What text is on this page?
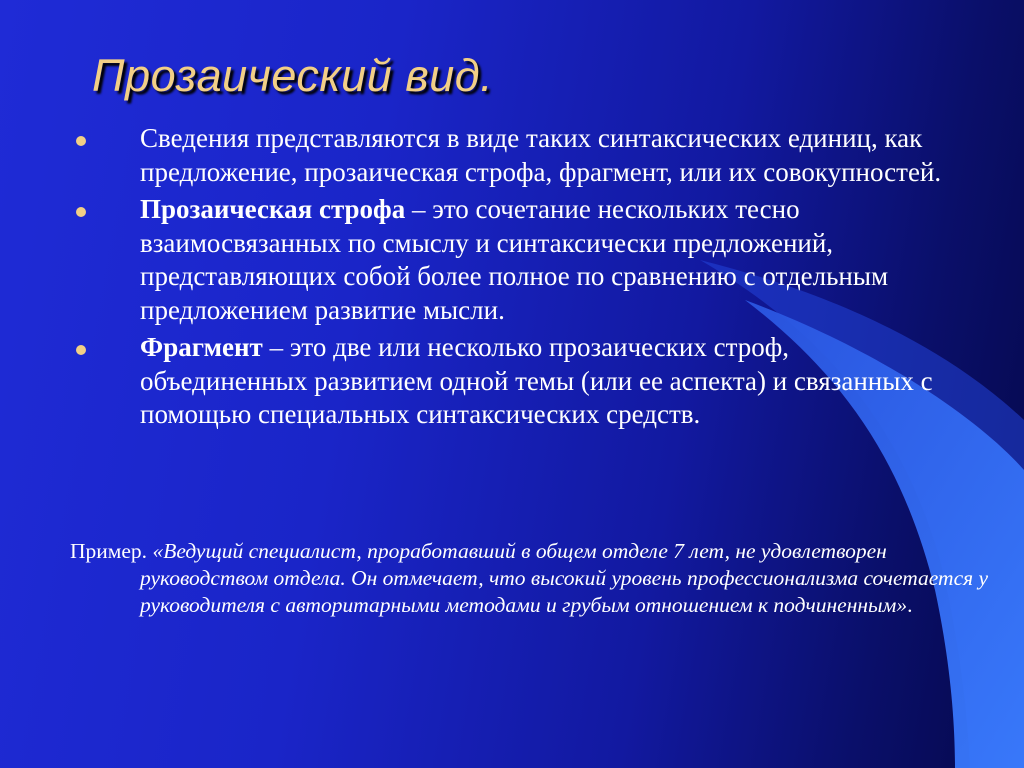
Прозаический вид.
Сведения представляются в виде таких синтаксических единиц, как предложение, прозаическая строфа, фрагмент, или их совокупностей.
Прозаическая строфа – это сочетание нескольких тесно взаимосвязанных по смыслу и синтаксически предложений, представляющих собой более полное по сравнению с отдельным предложением развитие мысли.
Фрагмент – это две или несколько прозаических строф, объединенных развитием одной темы (или ее аспекта) и связанных с помощью специальных синтаксических средств.

Пример. «Ведущий специалист, проработавший в общем отделе 7 лет, не удовлетворен руководством отдела. Он отмечает, что высокий уровень профессионализма сочетается у руководителя с авторитарными методами и грубым отношением к подчиненным».
